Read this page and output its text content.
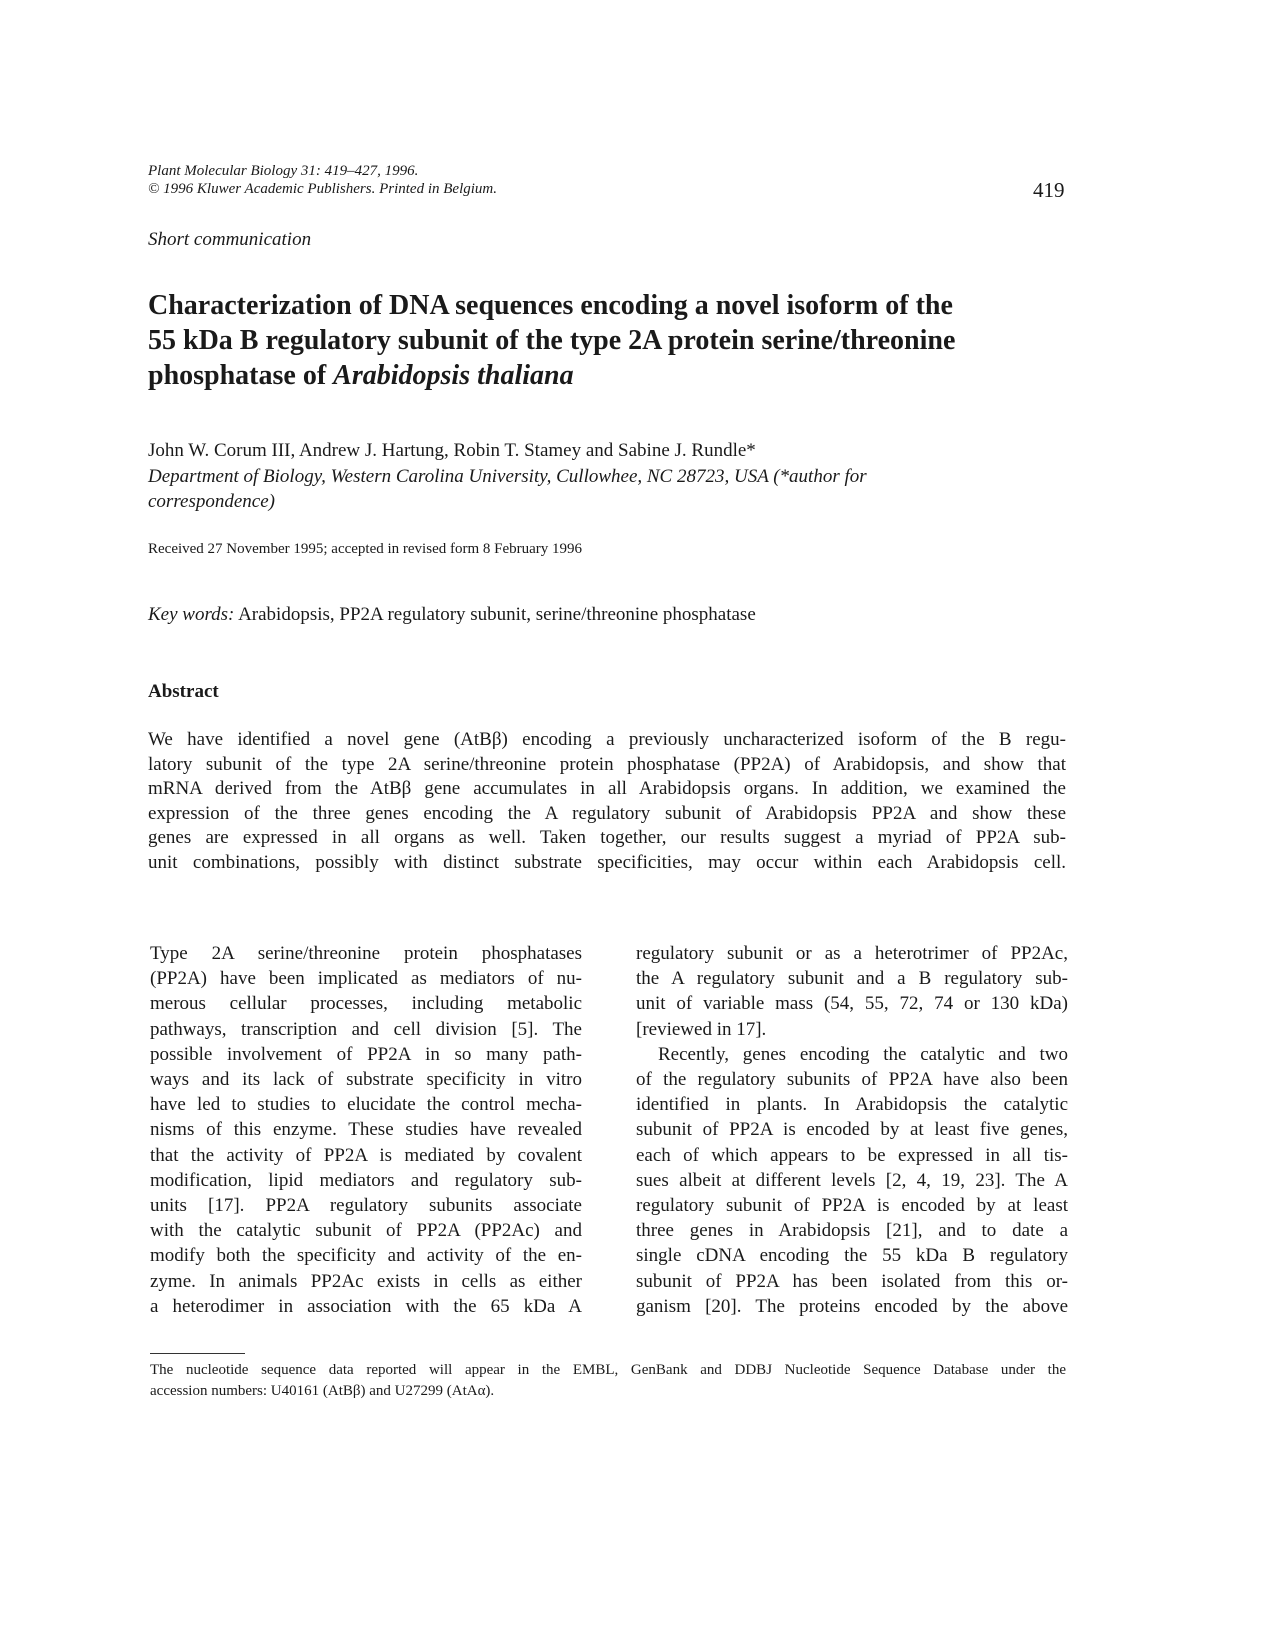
Plant Molecular Biology 31: 419–427, 1996.
© 1996 Kluwer Academic Publishers. Printed in Belgium.	419
Short communication
Characterization of DNA sequences encoding a novel isoform of the
55 kDa B regulatory subunit of the type 2A protein serine/threonine
phosphatase of Arabidopsis thaliana
John W. Corum III, Andrew J. Hartung, Robin T. Stamey and Sabine J. Rundle*
Department of Biology, Western Carolina University, Cullowhee, NC 28723, USA (*author for
correspondence)
Received 27 November 1995; accepted in revised form 8 February 1996
Key words: Arabidopsis, PP2A regulatory subunit, serine/threonine phosphatase
Abstract
We have identified a novel gene (AtBβ) encoding a previously uncharacterized isoform of the B regu-
latory subunit of the type 2A serine/threonine protein phosphatase (PP2A) of Arabidopsis, and show that
mRNA derived from the AtBβ gene accumulates in all Arabidopsis organs. In addition, we examined the
expression of the three genes encoding the A regulatory subunit of Arabidopsis PP2A and show these
genes are expressed in all organs as well. Taken together, our results suggest a myriad of PP2A sub-
unit combinations, possibly with distinct substrate specificities, may occur within each Arabidopsis cell.
Type 2A serine/threonine protein phosphatases
(PP2A) have been implicated as mediators of nu-
merous cellular processes, including metabolic
pathways, transcription and cell division [5]. The
possible involvement of PP2A in so many path-
ways and its lack of substrate specificity in vitro
have led to studies to elucidate the control mecha-
nisms of this enzyme. These studies have revealed
that the activity of PP2A is mediated by covalent
modification, lipid mediators and regulatory sub-
units [17]. PP2A regulatory subunits associate
with the catalytic subunit of PP2A (PP2Ac) and
modify both the specificity and activity of the en-
zyme. In animals PP2Ac exists in cells as either
a heterodimer in association with the 65 kDa A
regulatory subunit or as a heterotrimer of PP2Ac,
the A regulatory subunit and a B regulatory sub-
unit of variable mass (54, 55, 72, 74 or 130 kDa)
[reviewed in 17].
Recently, genes encoding the catalytic and two
of the regulatory subunits of PP2A have also been
identified in plants. In Arabidopsis the catalytic
subunit of PP2A is encoded by at least five genes,
each of which appears to be expressed in all tis-
sues albeit at different levels [2, 4, 19, 23]. The A
regulatory subunit of PP2A is encoded by at least
three genes in Arabidopsis [21], and to date a
single cDNA encoding the 55 kDa B regulatory
subunit of PP2A has been isolated from this or-
ganism [20]. The proteins encoded by the above
The nucleotide sequence data reported will appear in the EMBL, GenBank and DDBJ Nucleotide Sequence Database under the
accession numbers: U40161 (AtBβ) and U27299 (AtAα).
